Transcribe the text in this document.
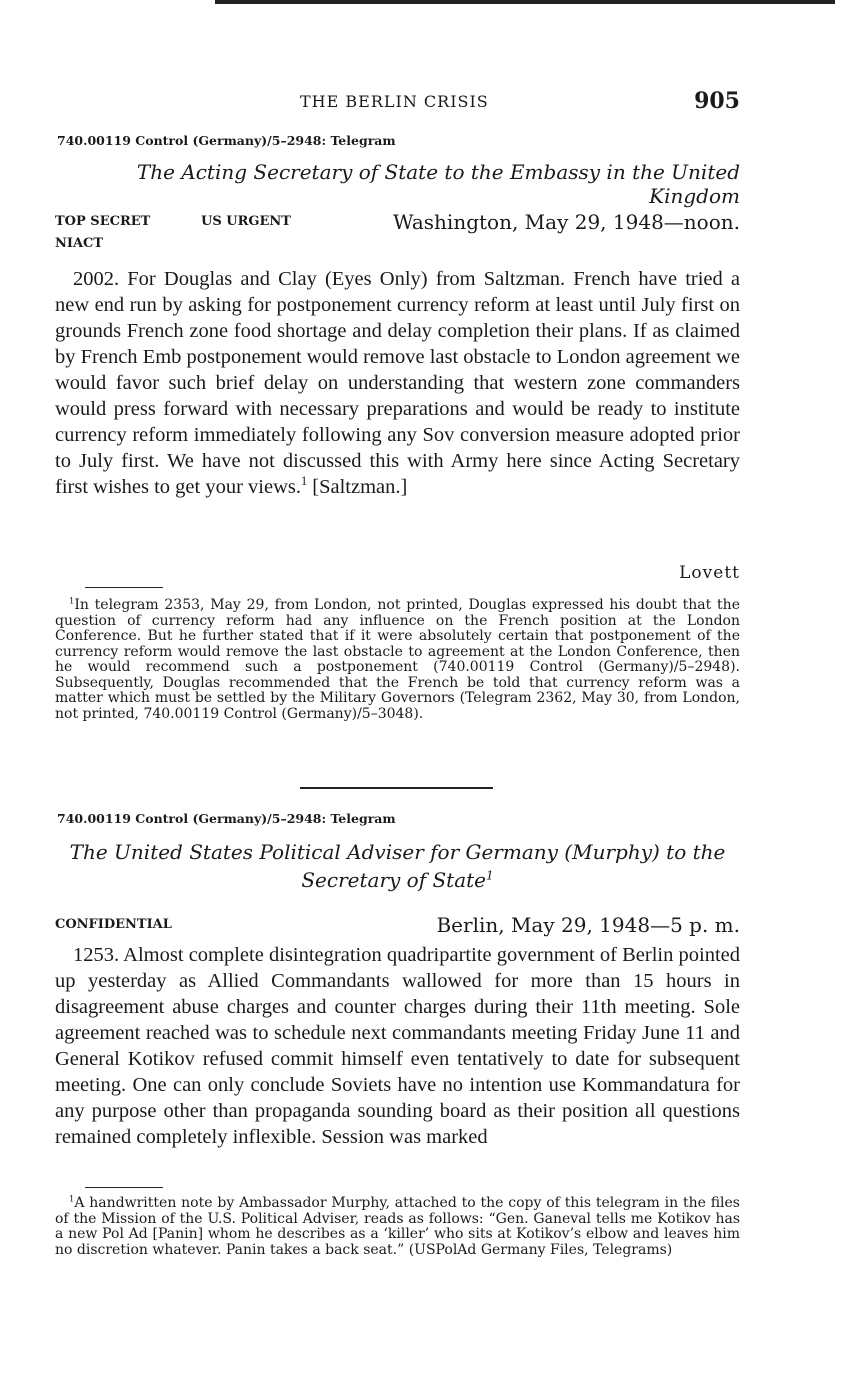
THE BERLIN CRISIS	905
740.00119 Control (Germany)/5–2948: Telegram
The Acting Secretary of State to the Embassy in the United Kingdom
TOP SECRET	US URGENT	Washington, May 29, 1948—noon.
NIACT

2002. For Douglas and Clay (Eyes Only) from Saltzman. French have tried a new end run by asking for postponement currency reform at least until July first on grounds French zone food shortage and delay completion their plans. If as claimed by French Emb postponement would remove last obstacle to London agreement we would favor such brief delay on understanding that western zone commanders would press forward with necessary preparations and would be ready to institute currency reform immediately following any Sov conversion measure adopted prior to July first. We have not discussed this with Army here since Acting Secretary first wishes to get your views.$^1$ [Saltzman.]

Lovett

$^1$In telegram 2353, May 29, from London, not printed, Douglas expressed his doubt that the question of currency reform had any influence on the French position at the London Conference. But he further stated that if it were absolutely certain that postponement of the currency reform would remove the last obstacle to agreement at the London Conference, then he would recommend such a postponement (740.00119 Control (Germany)/5–2948). Subsequently, Douglas recommended that the French be told that currency reform was a matter which must be settled by the Military Governors (Telegram 2362, May 30, from London, not printed, 740.00119 Control (Germany)/5–3048).

740.00119 Control (Germany)/5–2948: Telegram
The United States Political Adviser for Germany (Murphy) to the
Secretary of State$^1$
CONFIDENTIAL	Berlin, May 29, 1948—5 p. m.

1253. Almost complete disintegration quadripartite government of Berlin pointed up yesterday as Allied Commandants wallowed for more than 15 hours in disagreement abuse charges and counter charges during their 11th meeting. Sole agreement reached was to schedule next commandants meeting Friday June 11 and General Kotikov refused commit himself even tentatively to date for subsequent meeting. One can only conclude Soviets have no intention use Kommandatura for any purpose other than propaganda sounding board as their position all questions remained completely inflexible. Session was marked

$^1$A handwritten note by Ambassador Murphy, attached to the copy of this telegram in the files of the Mission of the U.S. Political Adviser, reads as follows: “Gen. Ganeval tells me Kotikov has a new Pol Ad [Panin] whom he describes as a ‘killer’ who sits at Kotikov’s elbow and leaves him no discretion whatever. Panin takes a back seat.” (USPolAd Germany Files, Telegrams)
